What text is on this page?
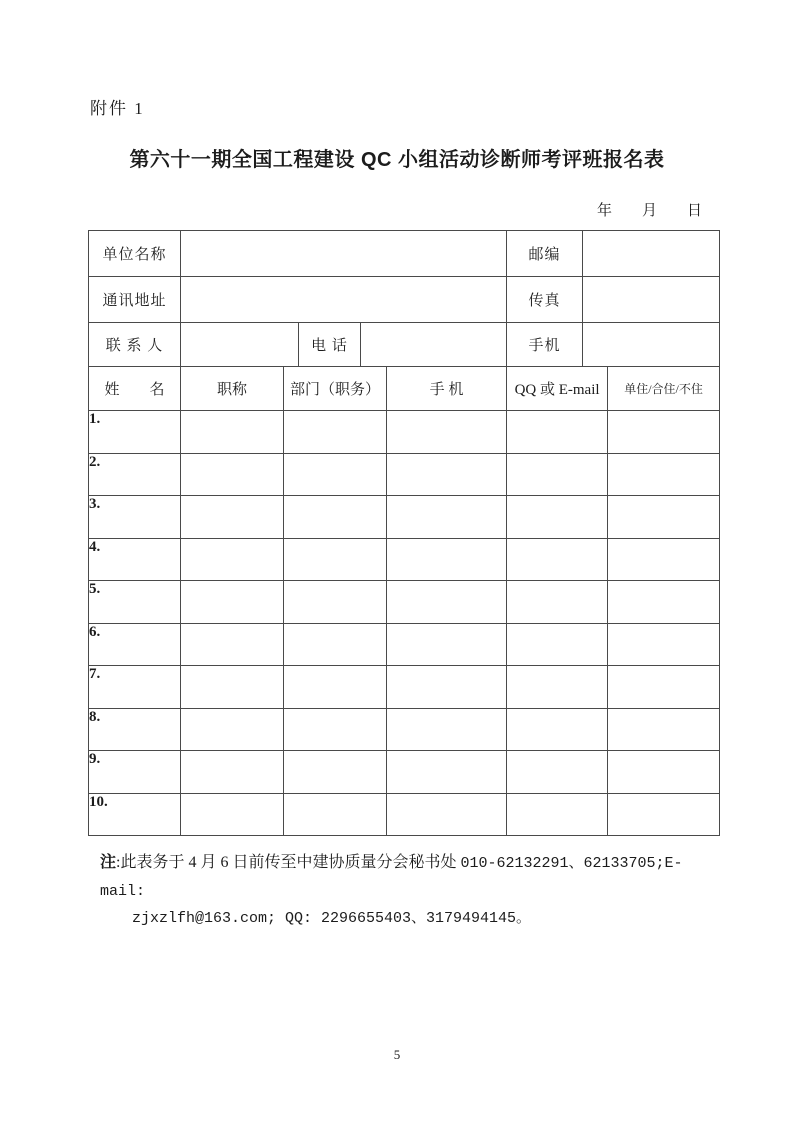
附件 1
第六十一期全国工程建设 QC 小组活动诊断师考评班报名表
年　　月　　日
单位名称						邮编		
通讯地址						传真		
联 系 人			电 话			手机		
姓　　名	职称	部门（职务）			手 机	QQ 或 E-mail		单住/合住/不住
1.								
2.								
3.								
4.								
5.								
6.								
7.								
8.								
9.								
10.								
注:此表务于 4 月 6 日前传至中建协质量分会秘书处 010-62132291、62133705;E-mail:
zjxzlfh@163.com; QQ: 2296655403、3179494145。
5
